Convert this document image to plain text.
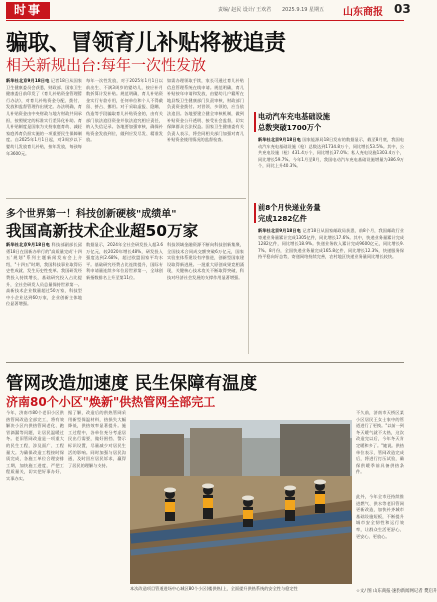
时事	责编/ 赵民 设计/ 王欢君 2025.9.19 星期五 山东商报 03
骗取、冒领育儿补贴将被追责
相关新规出台:每年一次性发放
新华社北京9月18日电 记者18日从国家卫生健康委员会获悉，财政部、国家卫生健康委日前印发了《育儿补贴资金管理暂行办法》，对育儿补贴资金分配、拨付、发放和监督管理作出规定。办法明确，育儿补贴资金由中央财政与地方财政共同承担，按照规定的标准实行差异化补助。育儿补贴制度是国家为支持家庭育幼、减轻家庭养育负担实施的一项重要民生保障制度。自2025年1月1日起，对3周岁以下婴幼儿发放育儿补贴，按年发放，每孩每年3600元。
每年一次性发放，对于2025年1月1日以前出生、不满3周岁的婴幼儿，按应补月数折算计发补贴。规范明确，育儿补贴资金实行专款专用，任何单位和个人不得截留、挤占、挪用。对于采取虚报、隐瞒、伪造等手段骗取育儿补贴资金的，由有关部门依法追回资金并依法追究相应责任，纳入失信记录。各地要加强审核，确保补贴资金发放到位，做到应发尽发、精准发放。
如需办理领取手续，家长可通过育儿补贴信息管理系统在线申请。规范明确，育儿补贴按年申请和发放，由婴幼儿户籍所在地县级卫生健康部门负责审核，财政部门负责资金拨付。对冒领、多领的，应当依法追回。各地要建立健全审核机制，做到补贴资金公开透明、接受社会监督，切实保障群众合法权益。国家卫生健康委有关负责人表示，将会同相关部门加强对育儿补贴资金使用情况的监督检查。
电动汽车充电基础设施
总数突破1700万个
新华社北京9月18日电 国家能源局18日发布的数据显示，截至8月底，我国电动汽车充电基础设施（枪）总数达到1734.8万个，同比增长53.5%。其中，公共充电设施（枪）431.4万个，同比增长37.0%；私人充电设施1303.4万个，同比增长59.7%。今年1月至8月，我国电动汽车充电基础设施增量为386.9万个，同比上升40.3%。
前8个月快递业务量
完成1282亿件
新华社北京9月18日电 记者18日从国家邮政局获悉，前8个月，我国邮政行业寄递业务量累计完成1305亿件，同比增长17.6%。其中，快递业务量累计完成1282亿件，同比增长18.9%。快递业务收入累计完成9600亿元，同比增长9.7%。8月份，全国快递业务量完成165.8亿件，同比增长12.3%，快递服务保持平稳向好态势，寄递网络持续完善，农村地区快递业务量同比增长较快。
多个世界第一！科技创新硬核"成绩单"
我国高新技术企业超50万家
新华社北京9月18日电 科技部副部长邱勇18日在国新办举行的"高质量完成'十四五'规划"系列主题新闻发布会上介绍，"十四五"时期，我国科技事业取得历史性成就、发生历史性变革。我国研发经费投入持续增长，基础研究投入占比提升，全社会研发人员总量保持世界第一。高新技术企业数量超过50万家，科技型中小企业达到60万家，企业创新主体地位显著增强。
数据显示，2024年全社会研发投入超3.6万亿元，较2020年增长48%，研发投入强度达到2.68%，超过欧盟国家平均水平。基础研究经费占比连续提升，国际专利申请量连续多年位居世界第一，全球创新指数排名上升至第11位。
科技领域金融资源不断向科技创新集聚，全国技术合同成交额突破6万亿元，国家实验室体系建设有序推进，创新型国家建设取得新进展。一批重大原创成果竞相涌现，关键核心技术攻关不断取得突破，科技对经济社会发展的支撑作用显著增强。
管网改造加速度 民生保障有温度
济南80个小区"焕新"供热管网全部完工
今年，济南市80个老旧小区供热管网改造全部完工，将有效解决小区内供热管网老化、跑冒滴漏等问题，让居民温暖过冬。老旧管网改造是一项重大的民生工程，涉及面广、工程量大。为确保改造工程按时保质完成，各施工单位合理安排工期，加快施工进度，严把工程质量关，切实把好事办好、实事办实。
据了解，改造后的供热管网采用新型保温材料，热损失大幅降低，供热效率显著提升。施工过程中，各单位充分考虑居民出行需要，做好围挡、警示标识设置，尽量减少对居民生活的影响。同时加强与居民沟通，及时回应居民诉求，赢得了居民的理解与支持。
不久前，济南市天桥区某小区居民王女士家中的管道进行了更换。"以前一到冬天暖气就不太热，这次改造完以后，今年冬天肯定暖和多了。"她说。供热单位表示，管网改造完成后，将进行打压试验，确保供暖季前具备供热条件。
此外，今年全市还持续推进燃气、供水等老旧管网更新改造，加快补齐城市基础设施短板，不断提升城市安全韧性和运行效率，让群众生活更舒心、更安心、更放心。
本次改造项目管道进场中心城区80个小区(楼供热)上，全面提升供热系统的安全性与稳定性
☆文/ 图 山东商报·速豹新闻网记者 樊启升
